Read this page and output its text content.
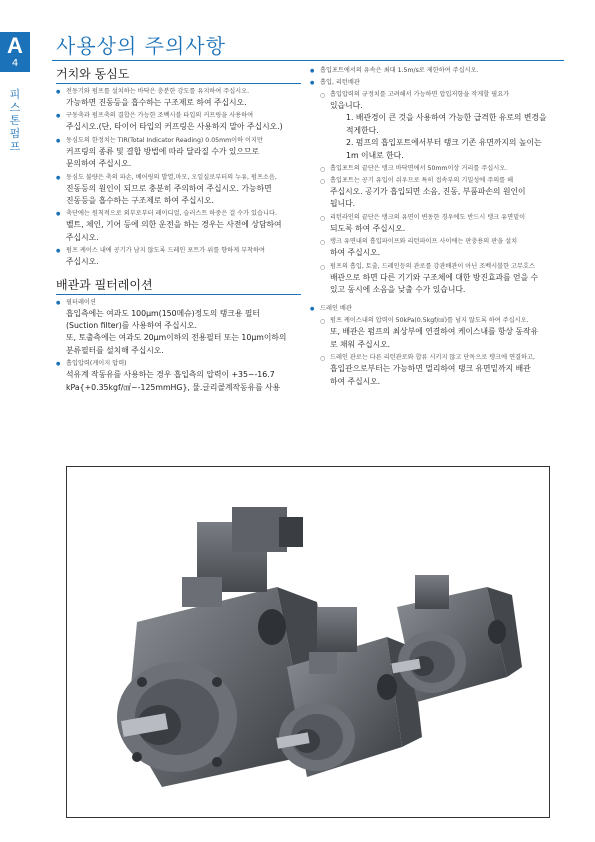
A
4
피
스
톤
펌
프
사용상의 주의사항
거치와 동심도
● 전동기와 펌프를 설치하는 바닥은 충분한 강도를 유지하여 주십시오.
가능하면 진동등을 흡수하는 구조제로 하여 주십시오.
● 구동축과 펌프축의 결합은 가능한 조벡시블 타입의 커프링을 사용하여
주십시오.(단, 타이어 타입의 커프링은 사용하지 말아 주십시오.)
● 동심도의 한정치는 TIR(Total Indicator Reading) 0.05mm이하 이지만
커프링의 종류 및 결합 방법에 따라 달라질 수가 있으므로
문의하여 주십시오.
● 동심도 불량은 축의 파손, 베어링의 발열,마모, 오일실로부터의 누유, 펌프소음,
진동등의 원인이 되므로 충분히 주의하여 주십시오. 가능하면
진동등을 흡수하는 구조제로 하여 주십시오.
● 축단에는 원칙적으로 외부로부터 레이디얼, 슬러스트 하중은 걸 수가 있습니다.
벨트, 체인, 기어 등에 의한 운전을 하는 경우는 사전에 상담하여
주십시오.
● 펌프 케이스 내에 공기가 남지 않도록 드레인 포트가 위를 향하게 부착하여
주십시오.
배관과 필터레이션
● 필터레이션
흡입측에는 여과도 100μm(150메슈)정도의 탱크용 필터
(Suction filter)를 사용하여 주십시오.
또, 토출측에는 여과도 20μm이하의 전용필터 또는 10μm이하의
분류필터를 설치해 주십시오.
● 흡입압력(게이지 압력)
석유계 작동유를 사용하는 경우 흡입측의 압력이 +35~-16.7
kPa{+0.35kgf/㎠~-125mmHG}, 물.글리콜계작동유를 사용
● 흡입포트에서의 유속은 최대 1.5m/s로 제한하여 주십시오.
● 흡입, 리턴배관
○ 흡입압력의 규정치를 고려해서 가능하면 압입저항을 작게할 필요가
있읍니다.
1. 배관경이 큰 것을 사용하여 가능한 급격한 유로의 변경을
적게한다.
2. 펌프의 흡입포트에서부터 탱크 기존 유면까지의 높이는
1m 이내로 한다.
○ 흡입포트의 끝단은 탱크 바닥면에서 50mm이상 거리를 주십시오.
○ 흡입포트는 공기 유입이 쉬우므로 특히 접속부의 기밀성에 주의를 해
주십시오. 공기가 흡입되면 소음, 진동, 부품파손의 원인이
됩니다.
○ 리턴라인의 끝단은 탱크의 유면이 변동한 경우에도 반드시 탱크 유면밑이
되도록 하여 주십시오.
○ 탱크 유면내의 흡입파이프와 리턴파이프 사이에는 판충용의 판을 설치
하여 주십시오.
○ 펌프의 흡입, 토출, 드레인등의 관로를 강관배관이 아닌 조벡시블한 고무호스
배관으로 하면 다른 기기와 구조체에 대한 방진효과를 얻을 수
있고 동시에 소음을 낮출 수가 있습니다.
● 드레인 배관
○ 펌프 케이스내의 압력이 50kPa(0.5kgf/㎠)를 넘지 않도록 하여 주십시오.
또, 배관은 펌프의 최상부에 연결하여 케이스내를 항상 동작유
로 채워 주십시오.
○ 드레인 관로는 다른 리턴관로와 합류 시키지 않고 단독으로 탱크에 연결하고,
흡입관으로부터는 가능하면 멀리하여 탱크 유면밑까지 배관
하여 주십시오.
